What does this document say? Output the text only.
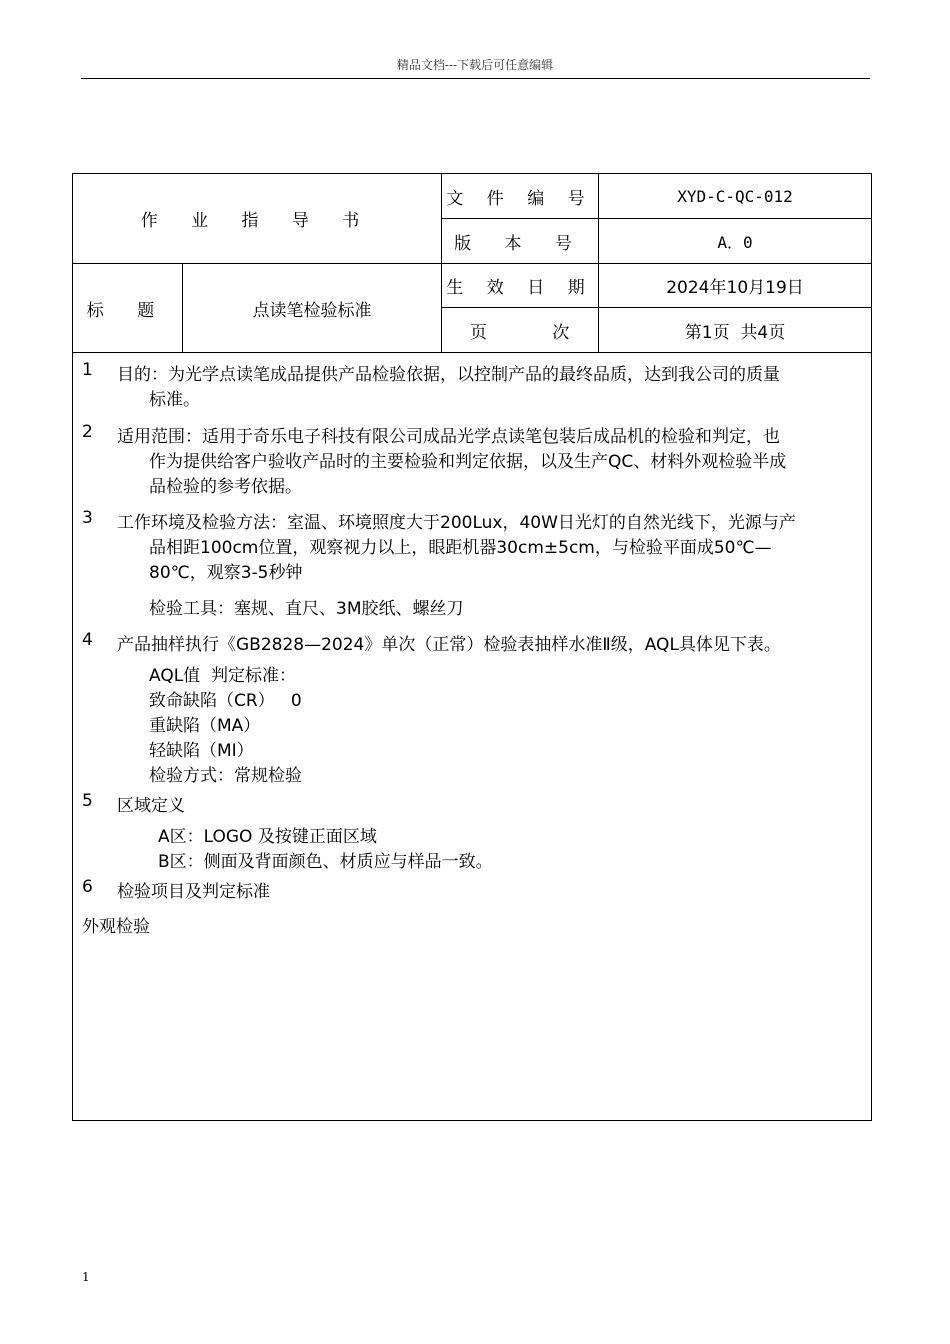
精品文档---下载后可任意编辑
作 业 指 导 书
文 件 编 号	XYD-C-QC-012
版 本 号	A．0
标 题	点读笔检验标准
生 效 日 期	2024年10月19日
页 次	第1页  共4页
1 目的：为光学点读笔成品提供产品检验依据，以控制产品的最终品质，达到我公司的质量
标准。
2 适用范围：适用于奇乐电子科技有限公司成品光学点读笔包装后成品机的检验和判定，也
作为提供给客户验收产品时的主要检验和判定依据，以及生产QC、材料外观检验半成
品检验的参考依据。
3 工作环境及检验方法：室温、环境照度大于200Lux，40W日光灯的自然光线下，光源与产
品相距100cm位置，观察视力以上，眼距机器30cm±5cm，与检验平面成50℃—
80℃，观察3-5秒钟
检验工具：塞规、直尺、3M胶纸、螺丝刀
4 产品抽样执行《GB2828—2024》单次（正常）检验表抽样水准Ⅱ级，AQL具体见下表。
AQL值  判定标准：
致命缺陷（CR）   0
重缺陷（MA）
轻缺陷（MI）
检验方式：常规检验
5 区域定义
A区：LOGO 及按键正面区域
B区：侧面及背面颜色、材质应与样品一致。
6 检验项目及判定标准
外观检验
1
